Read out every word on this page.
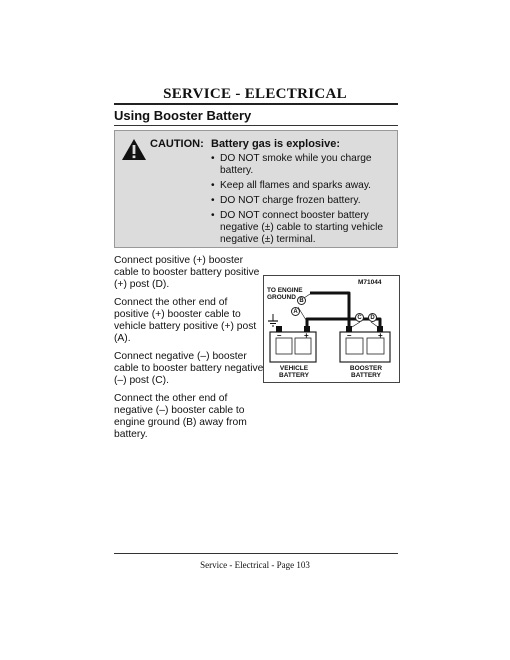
SERVICE - ELECTRICAL
Using Booster Battery
CAUTION: Battery gas is explosive:
• DO NOT smoke while you charge battery.
• Keep all flames and sparks away.
• DO NOT charge frozen battery.
• DO NOT connect booster battery negative (±) cable to starting vehicle negative (±) terminal.

Connect positive (+) booster cable to booster battery positive (+) post (D).

Connect the other end of positive (+) booster cable to vehicle battery positive (+) post (A).

Connect negative (–) booster cable to booster battery negative (–) post (C).

Connect the other end of negative (–) booster cable to engine ground (B) away from battery.

M71044
TO ENGINE GROUND B
A
C	D
–	+	–	+
VEHICLE BATTERY
BOOSTER BATTERY
Service - Electrical - Page 103
